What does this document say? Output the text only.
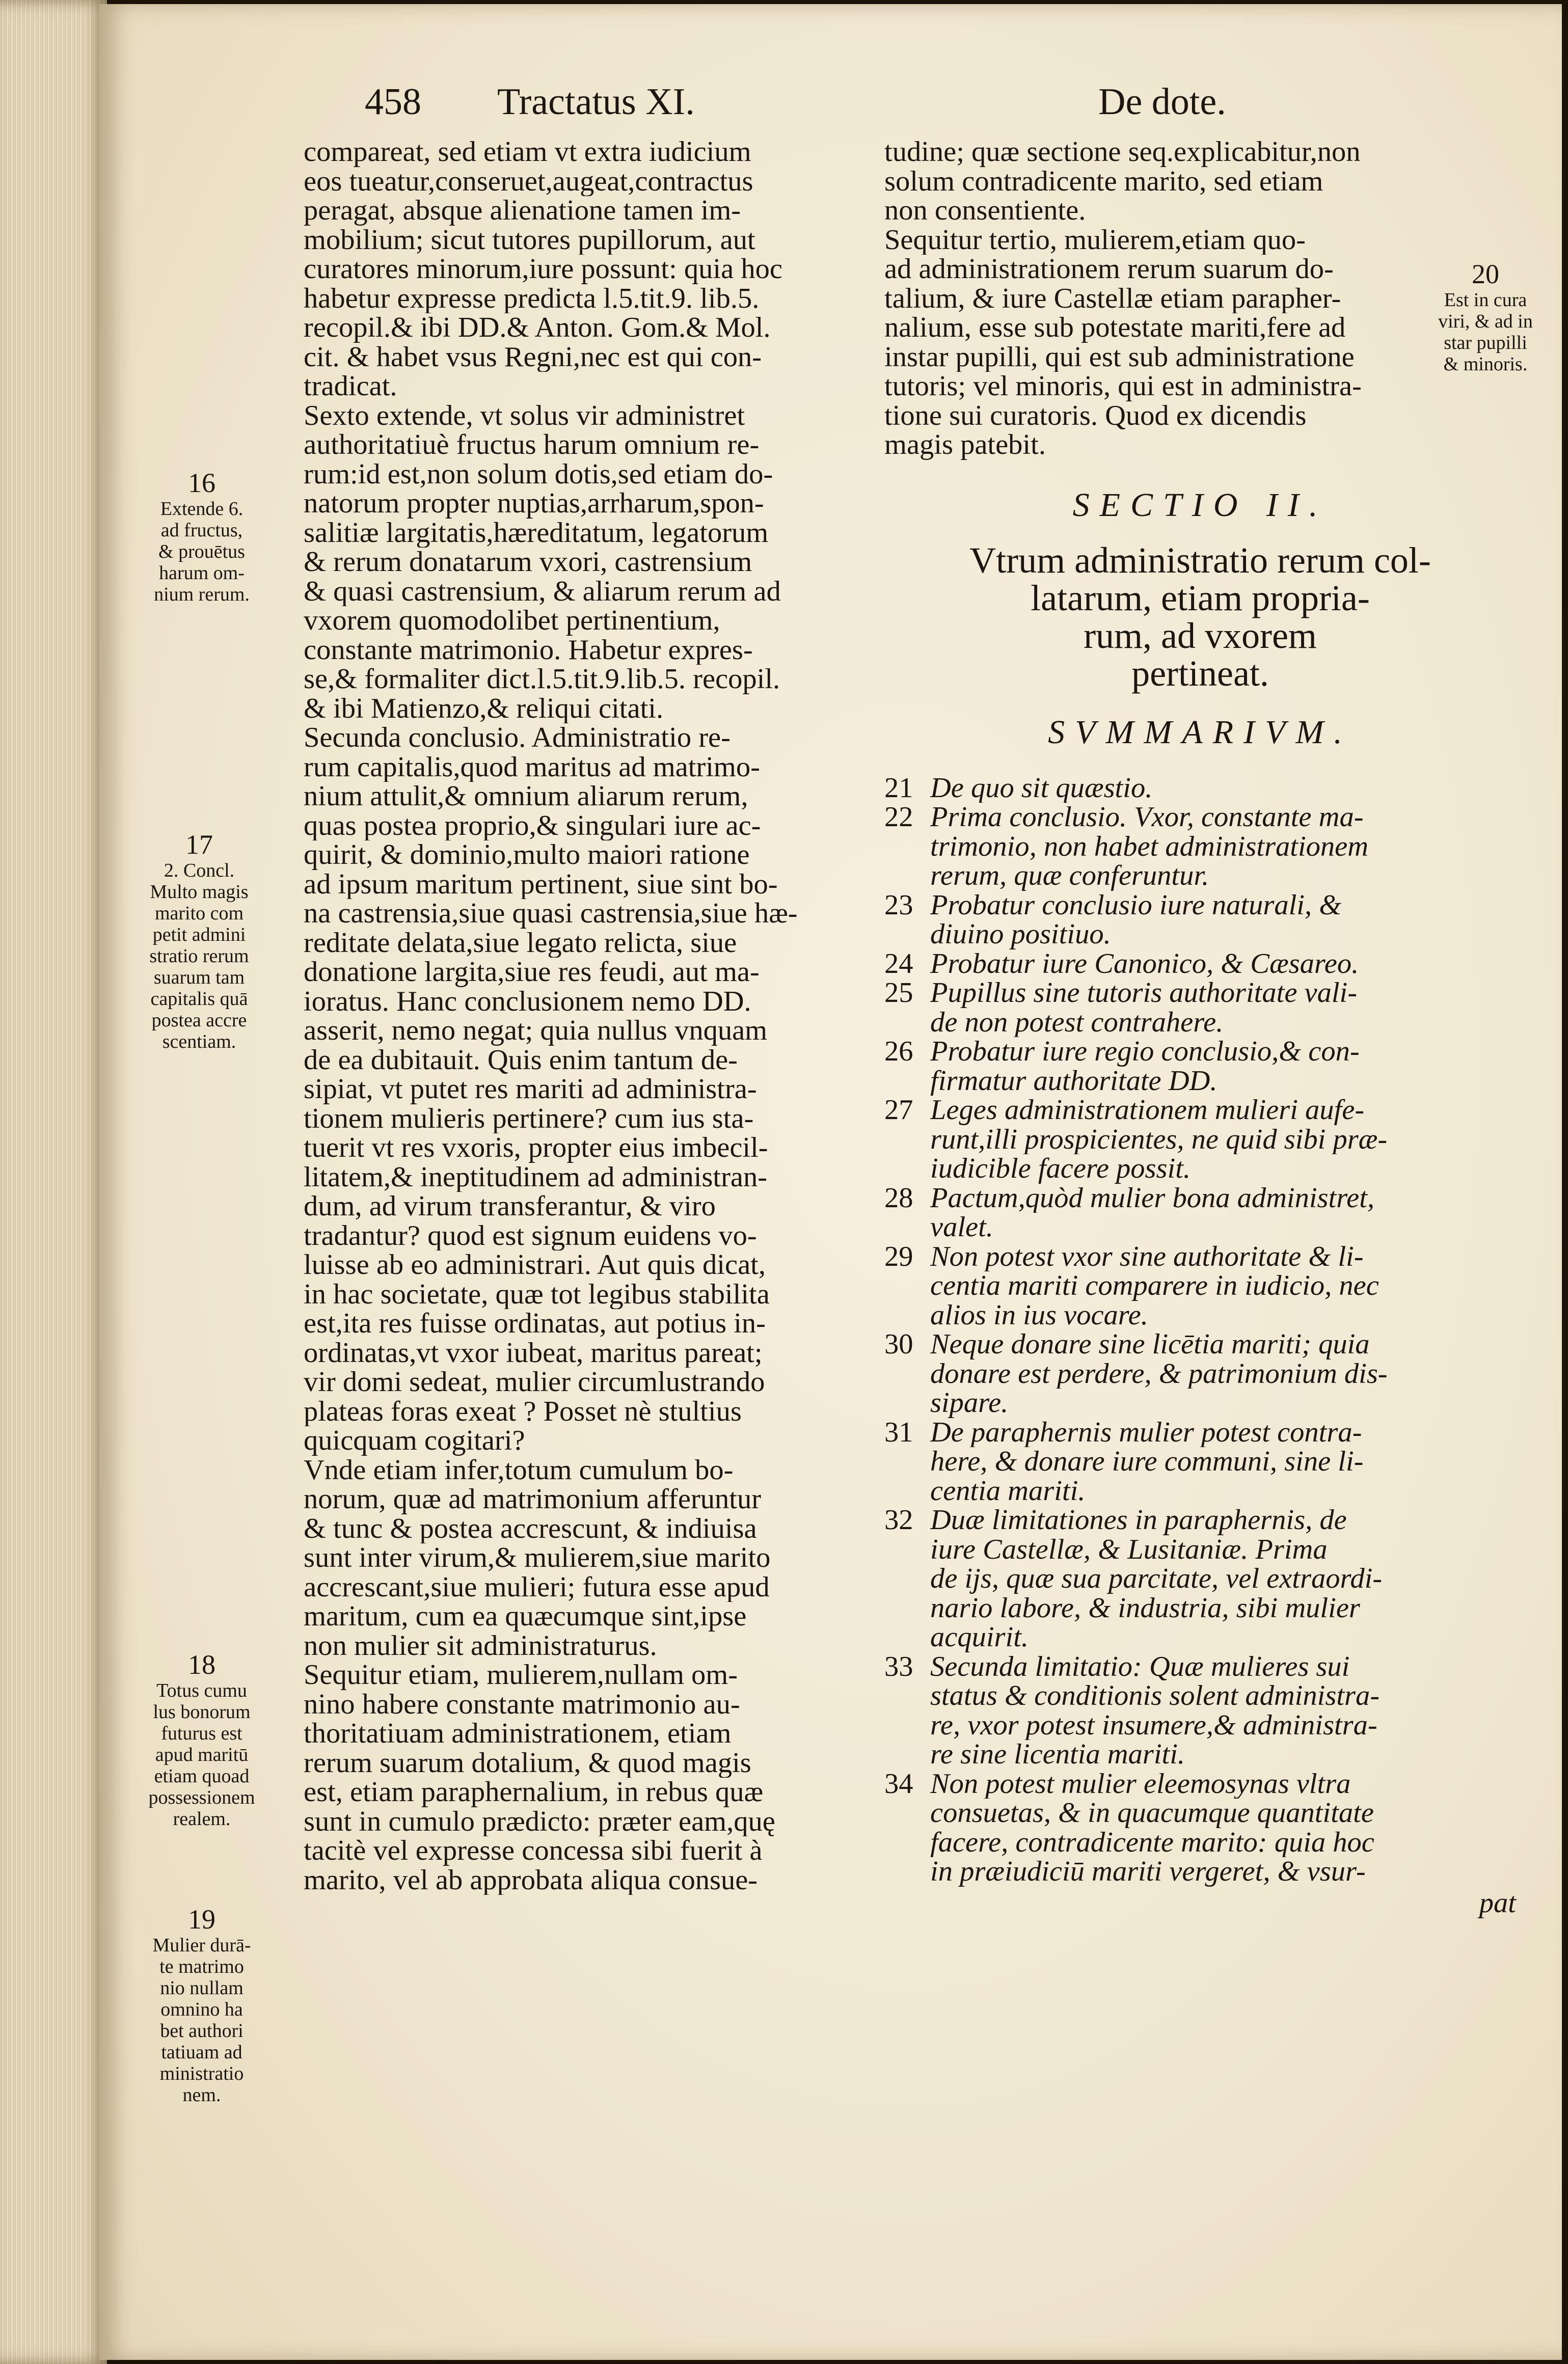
458 Tractatus XI.	De dote.
16
Extende 6.
ad fructus,
& prouētus
harum om-
nium rerum.
17
2. Concl.
Multo magis
marito com
petit admini
stratio rerum
suarum tam
capitalis quā
postea accre
scentiam.
18
Totus cumu
lus bonorum
futurus est
apud maritū
etiam quoad
possessionem
realem.
19
Mulier durā-
te matrimo
nio nullam
omnino ha
bet authori
tatiuam ad
ministratio
nem.
20
Est in cura
viri, & ad in
star pupilli
& minoris.
compareat, sed etiam vt extra iudicium
eos tueatur,conseruet,augeat,contractus
peragat, absque alienatione tamen im-
mobilium; sicut tutores pupillorum, aut
curatores minorum,iure possunt: quia hoc
habetur expresse predicta l.5.tit.9. lib.5.
recopil.& ibi DD.& Anton. Gom.& Mol.
cit. & habet vsus Regni,nec est qui con-
tradicat.
Sexto extende, vt solus vir administret
authoritatiuè fructus harum omnium re-
rum:id est,non solum dotis,sed etiam do-
natorum propter nuptias,arrharum,spon-
salitiæ largitatis,hæreditatum, legatorum
& rerum donatarum vxori, castrensium
& quasi castrensium, & aliarum rerum ad
vxorem quomodolibet pertinentium,
constante matrimonio. Habetur expres-
se,& formaliter dict.l.5.tit.9.lib.5. recopil.
& ibi Matienzo,& reliqui citati.
Secunda conclusio. Administratio re-
rum capitalis,quod maritus ad matrimo-
nium attulit,& omnium aliarum rerum,
quas postea proprio,& singulari iure ac-
quirit, & dominio,multo maiori ratione
ad ipsum maritum pertinent, siue sint bo-
na castrensia,siue quasi castrensia,siue hæ-
reditate delata,siue legato relicta, siue
donatione largita,siue res feudi, aut ma-
ioratus. Hanc conclusionem nemo DD.
asserit, nemo negat; quia nullus vnquam
de ea dubitauit. Quis enim tantum de-
sipiat, vt putet res mariti ad administra-
tionem mulieris pertinere? cum ius sta-
tuerit vt res vxoris, propter eius imbecil-
litatem,& ineptitudinem ad administran-
dum, ad virum transferantur, & viro
tradantur? quod est signum euidens vo-
luisse ab eo administrari. Aut quis dicat,
in hac societate, quæ tot legibus stabilita
est,ita res fuisse ordinatas, aut potius in-
ordinatas,vt vxor iubeat, maritus pareat;
vir domi sedeat, mulier circumlustrando
plateas foras exeat ? Posset nè stultius
quicquam cogitari?
Vnde etiam infer,totum cumulum bo-
norum, quæ ad matrimonium afferuntur
& tunc & postea accrescunt, & indiuisa
sunt inter virum,& mulierem,siue marito
accrescant,siue mulieri; futura esse apud
maritum, cum ea quæcumque sint,ipse
non mulier sit administraturus.
Sequitur etiam, mulierem,nullam om-
nino habere constante matrimonio au-
thoritatiuam administrationem, etiam
rerum suarum dotalium, & quod magis
est, etiam paraphernalium, in rebus quæ
sunt in cumulo prædicto: præter eam,quę
tacitè vel expresse concessa sibi fuerit à
marito, vel ab approbata aliqua consue-
tudine; quæ sectione seq.explicabitur,non
solum contradicente marito, sed etiam
non consentiente.
Sequitur tertio, mulierem,etiam quo-
ad administrationem rerum suarum do-
talium, & iure Castellæ etiam parapher-
nalium, esse sub potestate mariti,fere ad
instar pupilli, qui est sub administratione
tutoris; vel minoris, qui est in administra-
tione sui curatoris. Quod ex dicendis
magis patebit.
SECTIO II.
Vtrum administratio rerum col-
latarum, etiam propria-
rum, ad vxorem
pertineat.
SVMMARIVM.
21 De quo sit quæstio.
22 Prima conclusio. Vxor, constante ma-
trimonio, non habet administrationem
rerum, quæ conferuntur.
23 Probatur conclusio iure naturali, &
diuino positiuo.
24 Probatur iure Canonico, & Cæsareo.
25 Pupillus sine tutoris authoritate vali-
de non potest contrahere.
26 Probatur iure regio conclusio,& con-
firmatur authoritate DD.
27 Leges administrationem mulieri aufe-
runt,illi prospicientes, ne quid sibi præ-
iudicible facere possit.
28 Pactum,quòd mulier bona administret,
valet.
29 Non potest vxor sine authoritate & li-
centia mariti comparere in iudicio, nec
alios in ius vocare.
30 Neque donare sine licētia mariti; quia
donare est perdere, & patrimonium dis-
sipare.
31 De paraphernis mulier potest contra-
here, & donare iure communi, sine li-
centia mariti.
32 Duæ limitationes in paraphernis, de
iure Castellæ, & Lusitaniæ. Prima
de ijs, quæ sua parcitate, vel extraordi-
nario labore, & industria, sibi mulier
acquirit.
33 Secunda limitatio: Quæ mulieres sui
status & conditionis solent administra-
re, vxor potest insumere,& administra-
re sine licentia mariti.
34 Non potest mulier eleemosynas vltra
consuetas, & in quacumque quantitate
facere, contradicente marito: quia hoc
in præiudiciū mariti vergeret, & vsur-
pat
